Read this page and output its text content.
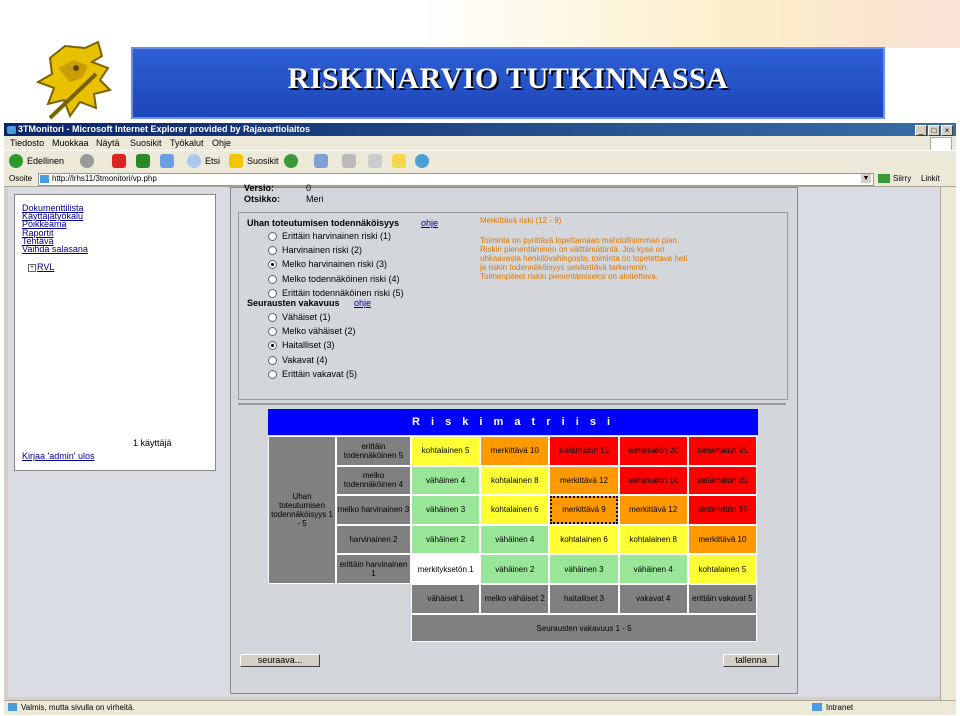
RISKINARVIO TUTKINNASSA
3TMonitori - Microsoft Internet Explorer provided by Rajavartiolaitos	_	□	×
Tiedosto Muokkaa Näytä Suosikit Työkalut Ohje
Edellinen	Etsi	Suosikit
Osoite http://lrhs11/3tmonitori/vp.php	▼	Siirry Linkit
Dokumenttilista
Käyttäjätyökalu
Poikkeama
Raportit
Tehtävä
Vaihda salasana
+ RVL
1 käyttäjä
Kirjaa 'admin' ulos
Versio:	0
Otsikko:	Meri
Uhan toteutumisen todennäköisyys ohje
Erittäin harvinainen riski (1)
Harvinainen riski (2)
Melko harvinainen riski (3)
Melko todennäköinen riski (4)
Erittäin todennäköinen riski (5)
Seurausten vakavuus ohje
Vähäiset (1)
Melko vähäiset (2)
Haitalliset (3)
Vakavat (4)
Erittäin vakavat (5)
Merkittävä riski (12 - 9)
Toiminta on pyrittävä lopettamaan mahdollisimman pian.
Riskin pienentäminen on välttämätöntä. Jos kyse on
uhkaavasta henkilövahingosta, toiminta on lopetettava heti
ja riskin todennäköisyys selvitettävä tarkemmin.
Toimenpiteet riskin pienentämiseksi on aloitettava.
R i s k i m a t r i i s i
Uhan toteutumisen todennäköisyys 1 - 5
erittäin todennäköinen 5	kohtalainen 5	merkittävä 10	sietämätön 15	sietämätön 20	sietämätön 25
melko todennäköinen 4	vähäinen 4	kohtalainen 8	merkittävä 12	sietämätön 16	sietämätön 20
melko harvinainen 3	vähäinen 3	kohtalainen 6	merkittävä 9	merkittävä 12	sietämätön 15
harvinainen 2	vähäinen 2	vähäinen 4	kohtalainen 6	kohtalainen 8	merkittävä 10
erittäin harvinainen 1	merkityksetön 1	vähäinen 2	vähäinen 3	vähäinen 4	kohtalainen 5
vähäiset 1	melko vähäiset 2	haitalliset 3	vakavat 4	erittäin vakavat 5
Seurausten vakavuus 1 - 5
seuraava...	tallenna
Valmis, mutta sivulla on virheitä.	Intranet
